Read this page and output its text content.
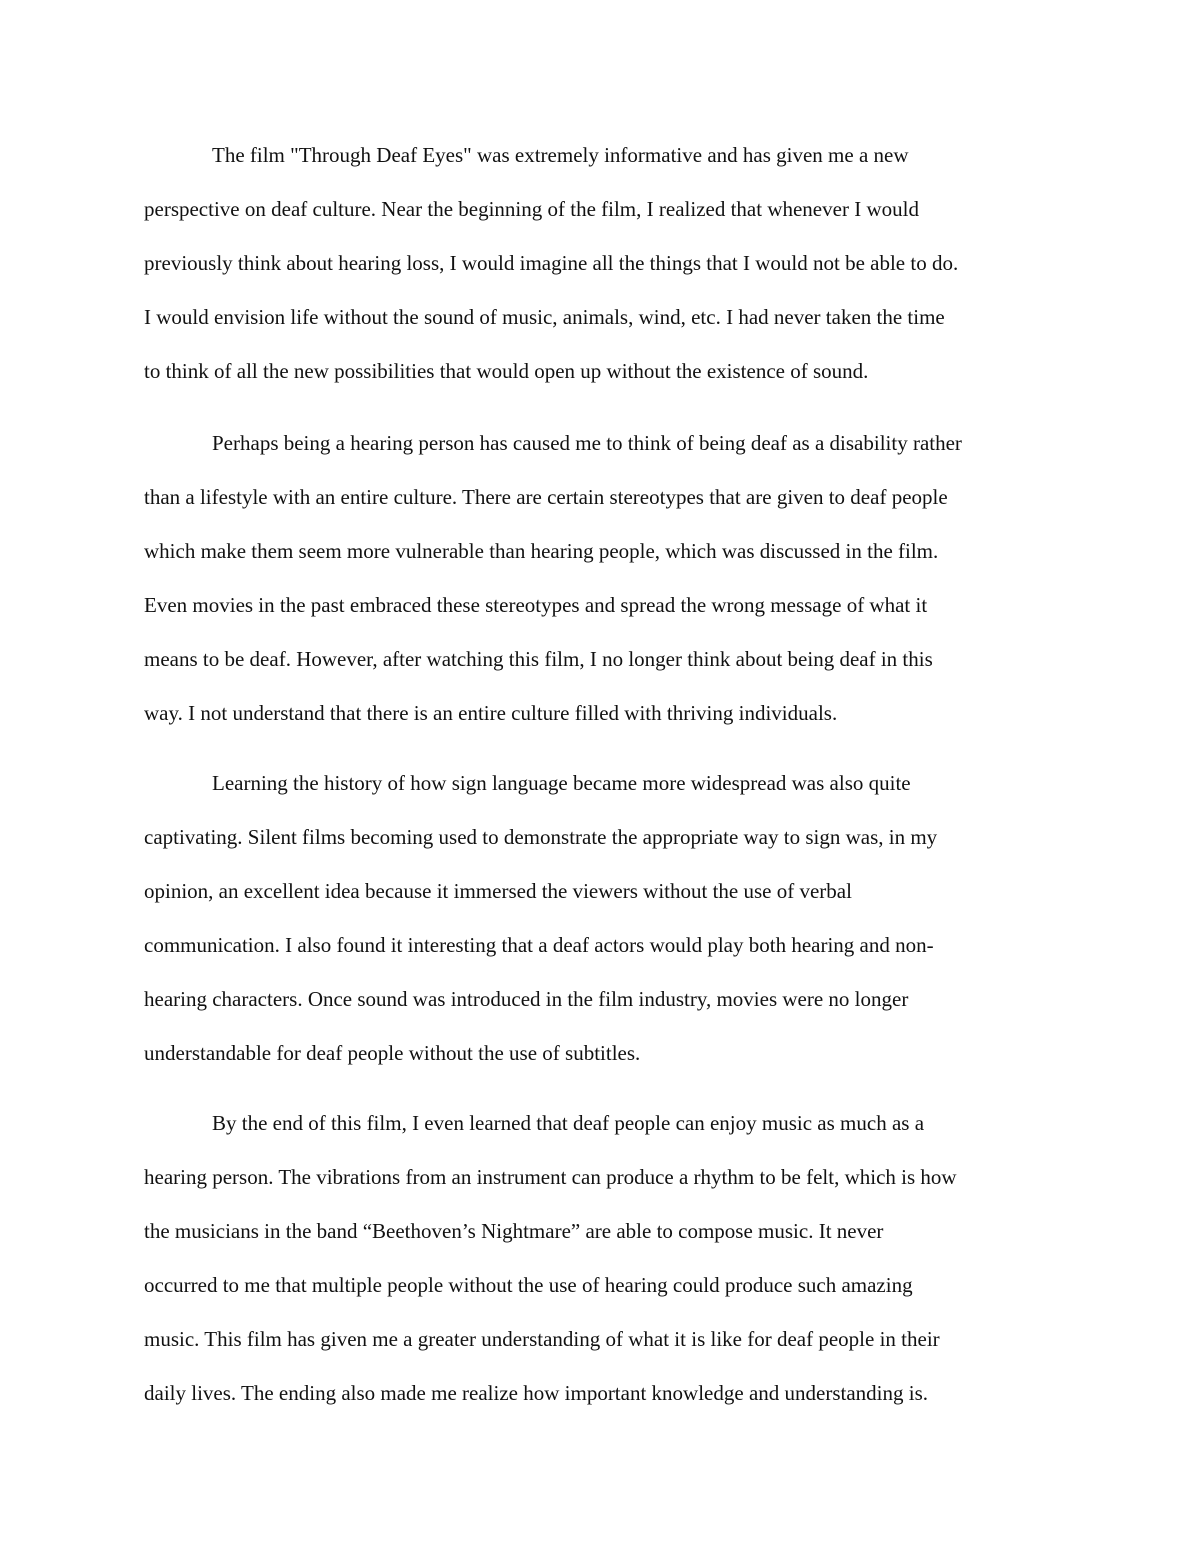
The film "Through Deaf Eyes" was extremely informative and has given me a new
perspective on deaf culture. Near the beginning of the film, I realized that whenever I would
previously think about hearing loss, I would imagine all the things that I would not be able to do.
I would envision life without the sound of music, animals, wind, etc. I had never taken the time
to think of all the new possibilities that would open up without the existence of sound.
Perhaps being a hearing person has caused me to think of being deaf as a disability rather
than a lifestyle with an entire culture. There are certain stereotypes that are given to deaf people
which make them seem more vulnerable than hearing people, which was discussed in the film.
Even movies in the past embraced these stereotypes and spread the wrong message of what it
means to be deaf. However, after watching this film, I no longer think about being deaf in this
way. I not understand that there is an entire culture filled with thriving individuals.
Learning the history of how sign language became more widespread was also quite
captivating. Silent films becoming used to demonstrate the appropriate way to sign was, in my
opinion, an excellent idea because it immersed the viewers without the use of verbal
communication. I also found it interesting that a deaf actors would play both hearing and non-
hearing characters. Once sound was introduced in the film industry, movies were no longer
understandable for deaf people without the use of subtitles.
By the end of this film, I even learned that deaf people can enjoy music as much as a
hearing person. The vibrations from an instrument can produce a rhythm to be felt, which is how
the musicians in the band “Beethoven’s Nightmare” are able to compose music. It never
occurred to me that multiple people without the use of hearing could produce such amazing
music. This film has given me a greater understanding of what it is like for deaf people in their
daily lives. The ending also made me realize how important knowledge and understanding is.
